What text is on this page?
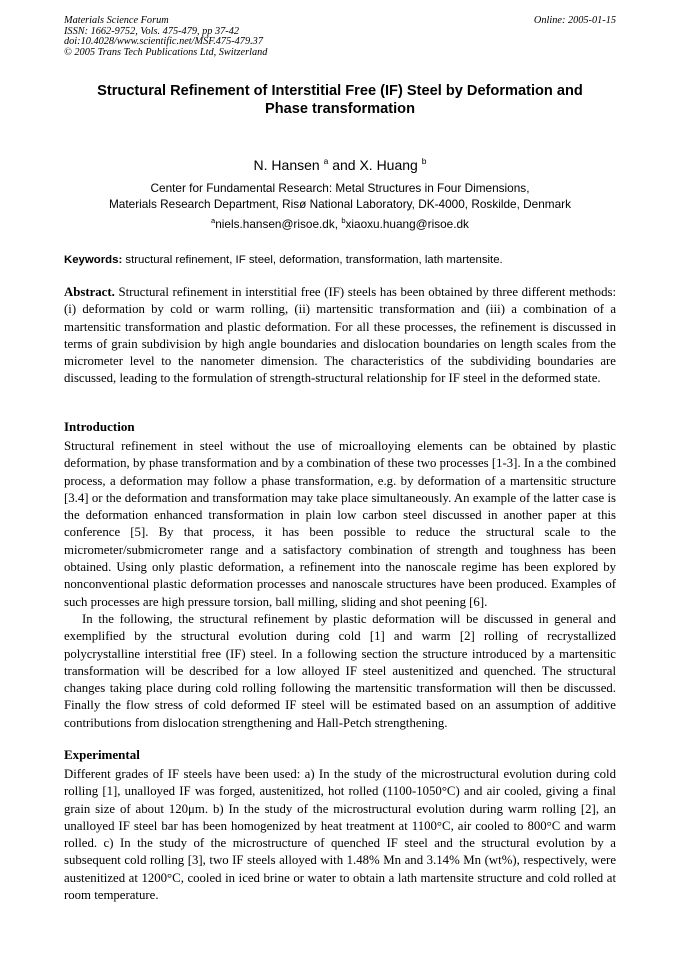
Materials Science Forum
ISSN: 1662-9752, Vols. 475-479, pp 37-42
doi:10.4028/www.scientific.net/MSF.475-479.37
© 2005 Trans Tech Publications Ltd, Switzerland
Online: 2005-01-15
Structural Refinement of Interstitial Free (IF) Steel by Deformation and
Phase transformation
N. Hansen $^a$ and X. Huang $^b$
Center for Fundamental Research: Metal Structures in Four Dimensions,
Materials Research Department, Risø National Laboratory, DK-4000, Roskilde, Denmark
$^a$niels.hansen@risoe.dk, $^b$xiaoxu.huang@risoe.dk
Keywords: structural refinement, IF steel, deformation, transformation, lath martensite.
Abstract. Structural refinement in interstitial free (IF) steels has been obtained by three different methods: (i) deformation by cold or warm rolling, (ii) martensitic transformation and (iii) a combination of a martensitic transformation and plastic deformation. For all these processes, the refinement is discussed in terms of grain subdivision by high angle boundaries and dislocation boundaries on length scales from the micrometer level to the nanometer dimension. The characteristics of the subdividing boundaries are discussed, leading to the formulation of strength-structural relationship for IF steel in the deformed state.
Introduction

Structural refinement in steel without the use of microalloying elements can be obtained by plastic deformation, by phase transformation and by a combination of these two processes [1-3]. In a the combined process, a deformation may follow a phase transformation, e.g. by deformation of a martensitic structure [3.4] or the deformation and transformation may take place simultaneously. An example of the latter case is the deformation enhanced transformation in plain low carbon steel discussed in another paper at this conference [5]. By that process, it has been possible to reduce the structural scale to the micrometer/submicrometer range and a satisfactory combination of strength and toughness has been obtained. Using only plastic deformation, a refinement into the nanoscale regime has been explored by nonconventional plastic deformation processes and nanoscale structures have been produced. Examples of such processes are high pressure torsion, ball milling, sliding and shot peening [6].

In the following, the structural refinement by plastic deformation will be discussed in general and exemplified by the structural evolution during cold [1] and warm [2] rolling of recrystallized polycrystalline interstitial free (IF) steel. In a following section the structure introduced by a martensitic transformation will be described for a low alloyed IF steel austenitized and quenched. The structural changes taking place during cold rolling following the martensitic transformation will then be discussed. Finally the flow stress of cold deformed IF steel will be estimated based on an assumption of additive contributions from dislocation strengthening and Hall-Petch strengthening.

Experimental

Different grades of IF steels have been used: a) In the study of the microstructural evolution during cold rolling [1], unalloyed IF was forged, austenitized, hot rolled (1100-1050°C) and air cooled, giving a final grain size of about 120μm. b) In the study of the microstructural evolution during warm rolling [2], an unalloyed IF steel bar has been homogenized by heat treatment at 1100°C, air cooled to 800°C and warm rolled. c) In the study of the microstructure of quenched IF steel and the structural evolution by a subsequent cold rolling [3], two IF steels alloyed with 1.48% Mn and 3.14% Mn (wt%), respectively, were austenitized at 1200°C, cooled in iced brine or water to obtain a lath martensite structure and cold rolled at room temperature.
